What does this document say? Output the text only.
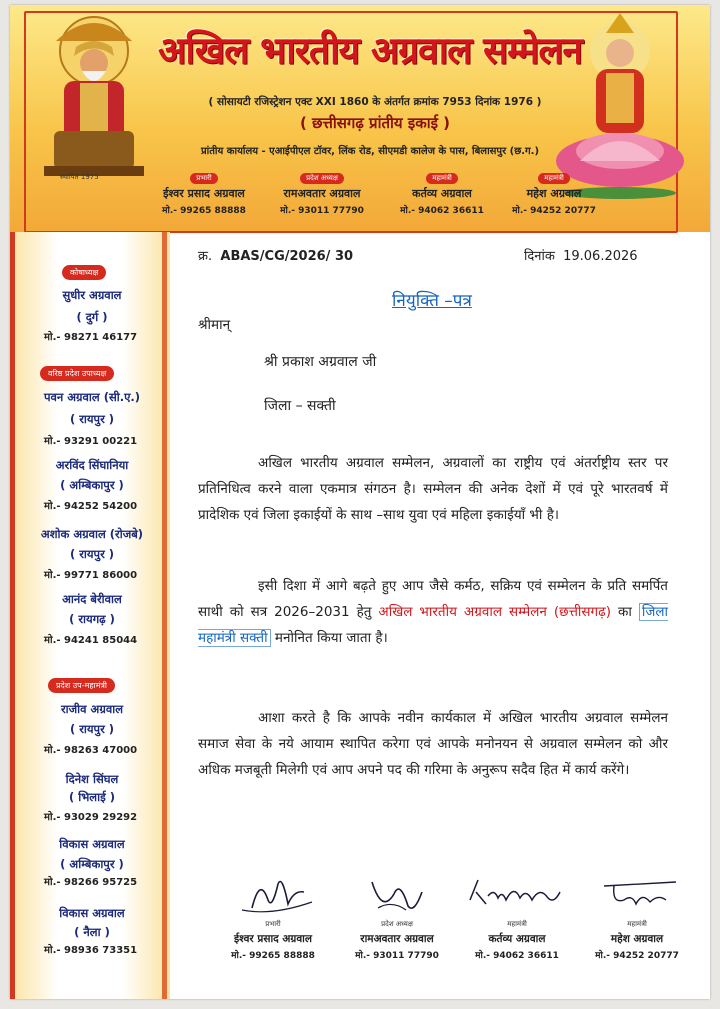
स्थापित 1975
अखिल भारतीय अग्रवाल सम्मेलन
( सोसायटी रजिस्ट्रेशन एक्ट XXI 1860 के अंतर्गत क्रमांक 7953 दिनांक 1976 )
( छत्तीसगढ़ प्रांतीय इकाई )
प्रांतीय कार्यालय - एआईपीएल टॉवर, लिंक रोड, सीएमडी कालेज के पास, बिलासपुर (छ.ग.)
प्रभारी
ईश्वर प्रसाद अग्रवाल
मो.- 99265 88888
प्रदेश अध्यक्ष
रामअवतार अग्रवाल
मो.- 93011 77790
महामंत्री
कर्तव्य अग्रवाल
मो.- 94062 36611
महामंत्री
महेश अग्रवाल
मो.- 94252 20777
कोषाध्यक्ष
सुधीर अग्रवाल
( दुर्ग )
मो.- 98271 46177
वरिष्ठ प्रदेश उपाध्यक्ष
पवन अग्रवाल (सी.ए.)
( रायपुर )
मो.- 93291 00221
अरविंद सिंघानिया
( अम्बिकापुर )
मो.- 94252 54200
अशोक अग्रवाल (रोजबे)
( रायपुर )
मो.- 99771 86000
आनंद बेरीवाल
( रायगढ़ )
मो.- 94241 85044
प्रदेश उप-महामंत्री
राजीव अग्रवाल
( रायपुर )
मो.- 98263 47000
दिनेश सिंघल
( भिलाई )
मो.- 93029 29292
विकास अग्रवाल
( अम्बिकापुर )
मो.- 98266 95725
विकास अग्रवाल
( नैला )
मो.- 98936 73351
क्र. ABAS/CG/2026/ 30	दिनांक 19.06.2026
नियुक्ति –पत्र
श्रीमान्
श्री प्रकाश अग्रवाल जी
जिला – सक्ती
अखिल भारतीय अग्रवाल सम्मेलन, अग्रवालों का राष्ट्रीय एवं अंतर्राष्ट्रीय स्तर पर प्रतिनिधित्व करने वाला एकमात्र संगठन है। सम्मेलन की अनेक देशों में एवं पूरे भारतवर्ष में प्रादेशिक एवं जिला इकाईयों के साथ –साथ युवा एवं महिला इकाईयाँ भी है।
इसी दिशा में आगे बढ़ते हुए आप जैसे कर्मठ, सक्रिय एवं सम्मेलन के प्रति समर्पित साथी को सत्र 2026–2031 हेतु अखिल भारतीय अग्रवाल सम्मेलन (छत्तीसगढ़) का जिला महामंत्री सक्ती मनोनित किया जाता है।
आशा करते है कि आपके नवीन कार्यकाल में अखिल भारतीय अग्रवाल सम्मेलन समाज सेवा के नये आयाम स्थापित करेगा एवं आपके मनोनयन से अग्रवाल सम्मेलन को और अधिक मजबूती मिलेगी एवं आप अपने पद की गरिमा के अनुरूप सदैव हित में कार्य करेंगे।
प्रभारी
ईश्वर प्रसाद अग्रवाल
मो.- 99265 88888
प्रदेश अध्यक्ष
रामअवतार अग्रवाल
मो.- 93011 77790
महामंत्री
कर्तव्य अग्रवाल
मो.- 94062 36611
महामंत्री
महेश अग्रवाल
मो.- 94252 20777
